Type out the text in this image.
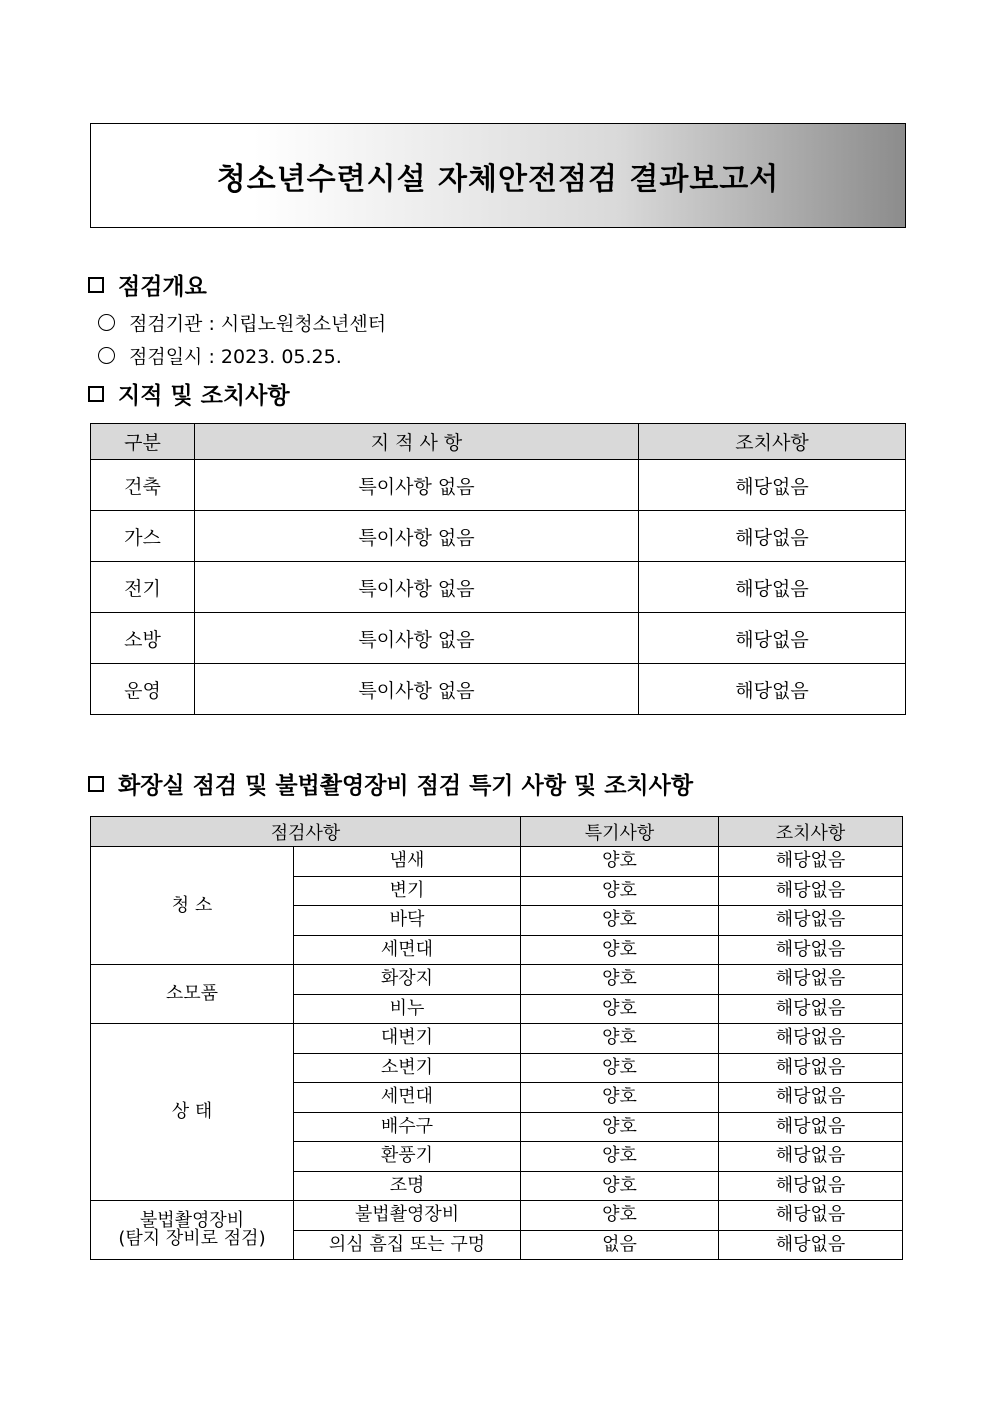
청소년수련시설 자체안전점검 결과보고서
점검개요
점검기관 : 시립노원청소년센터
점검일시 : 2023. 05.25.
지적 및 조치사항
구분	지 적 사 항	조치사항
건축	특이사항 없음	해당없음
가스	특이사항 없음	해당없음
전기	특이사항 없음	해당없음
소방	특이사항 없음	해당없음
운영	특이사항 없음	해당없음
화장실 점검 및 불법촬영장비 점검 특기 사항 및 조치사항
점검사항		특기사항	조치사항
청 소	냄새	양호	해당없음
	변기	양호	해당없음
	바닥	양호	해당없음
	세면대	양호	해당없음
소모품	화장지	양호	해당없음
	비누	양호	해당없음
상 태	대변기	양호	해당없음
	소변기	양호	해당없음
	세면대	양호	해당없음
	배수구	양호	해당없음
	환풍기	양호	해당없음
	조명	양호	해당없음
불법촬영장비
(탐지 장비로 점검)	불법촬영장비	양호	해당없음
	의심 흠집 또는 구멍	없음	해당없음
